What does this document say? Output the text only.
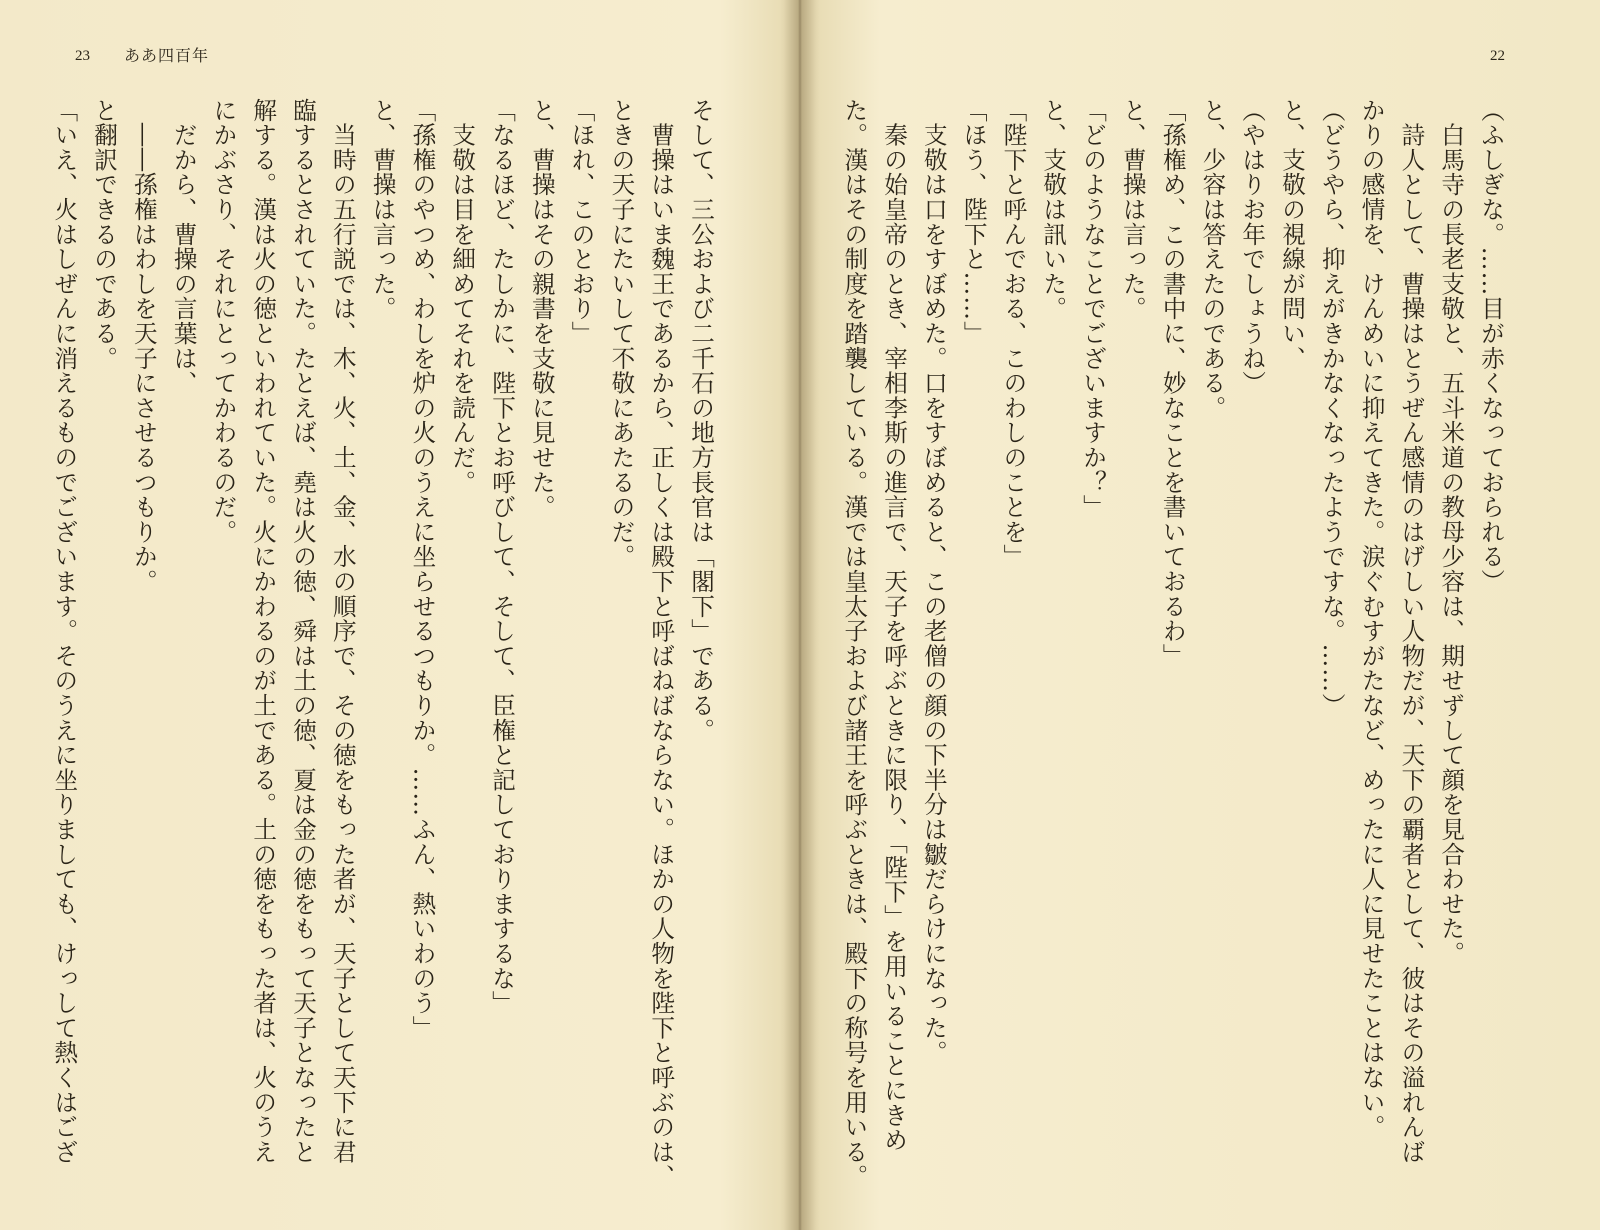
23 ああ四百年	22
そして、三公および二千石の地方長官は「閣下」である。
　曹操はいま魏王であるから、正しくは殿下と呼ばねばならない。ほかの人物を陛下と呼ぶのは、
ときの天子にたいして不敬にあたるのだ。
「ほれ、このとおり」
と、曹操はその親書を支敬に見せた。
「なるほど、たしかに、陛下とお呼びして、そして、臣権と記しておりまするな」
　支敬は目を細めてそれを読んだ。
「孫権のやつめ、わしを炉の火のうえに坐らせるつもりか。……ふん、熱いわのう」
と、曹操は言った。
　当時の五行説では、木、火、土、金、水の順序で、その徳をもった者が、天子として天下に君
臨するとされていた。たとえば、堯は火の徳、舜は土の徳、夏は金の徳をもって天子となったと
解する。漢は火の徳といわれていた。火にかわるのが土である。土の徳をもった者は、火のうえ
にかぶさり、それにとってかわるのだ。
　だから、曹操の言葉は、
　――孫権はわしを天子にさせるつもりか。
と翻訳できるのである。
「いえ、火はしぜんに消えるものでございます。そのうえに坐りましても、けっして熱くはござ	（ふしぎな。……目が赤くなっておられる）
　白馬寺の長老支敬と、五斗米道の教母少容は、期せずして顔を見合わせた。
　詩人として、曹操はとうぜん感情のはげしい人物だが、天下の覇者として、彼はその溢れんば
かりの感情を、けんめいに抑えてきた。涙ぐむすがたなど、めったに人に見せたことはない。
（どうやら、抑えがきかなくなったようですな。……）
と、支敬の視線が問い、
（やはりお年でしょうね）
と、少容は答えたのである。
「孫権め、この書中に、妙なことを書いておるわ」
と、曹操は言った。
「どのようなことでございますか？」
と、支敬は訊いた。
「陛下と呼んでおる、このわしのことを」
「ほう、陛下と……」
　支敬は口をすぼめた。口をすぼめると、この老僧の顔の下半分は皺だらけになった。
　秦の始皇帝のとき、宰相李斯の進言で、天子を呼ぶときに限り、「陛下」を用いることにきめ
た。漢はその制度を踏襲している。漢では皇太子および諸王を呼ぶときは、殿下の称号を用いる。
